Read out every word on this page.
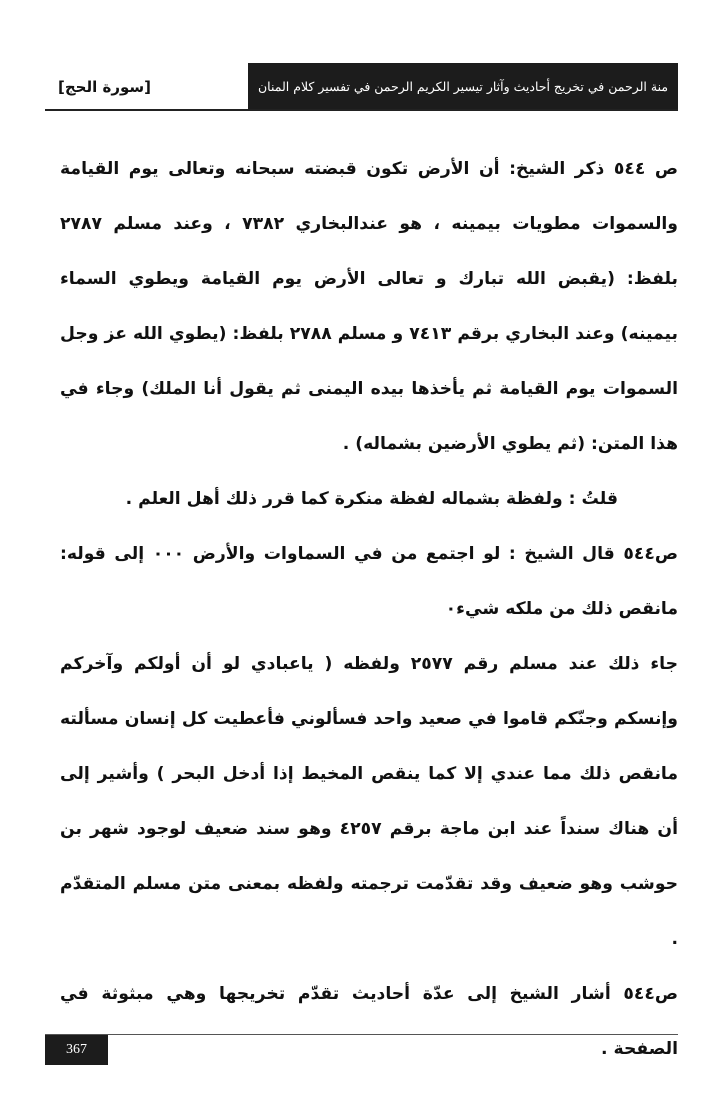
منة الرحمن في تخريج أحاديث وآثار تيسير الكريم الرحمن في تفسير كلام المنان
[سورة الحج]

ص ٥٤٤ ذكر الشيخ: أن الأرض تكون قبضته سبحانه وتعالى يوم القيامة والسموات مطويات بيمينه ، هو عندالبخاري ٧٣٨٢ ، وعند مسلم ٢٧٨٧ بلفظ: (يقبض الله تبارك و تعالى الأرض يوم القيامة ويطوي السماء بيمينه) وعند البخاري برقم ٧٤١٣ و مسلم ٢٧٨٨ بلفظ: (يطوي الله عز وجل السموات يوم القيامة ثم يأخذها بيده اليمنى ثم يقول أنا الملك) وجاء في هذا المتن: (ثم يطوي الأرضين بشماله) .

قلتُ : ولفظة بشماله لفظة منكرة كما قرر ذلك أهل العلم .

ص٥٤٤ قال الشيخ : لو اجتمع من في السماوات والأرض ٠٠٠ إلى قوله: مانقص ذلك من ملكه شيء٠

جاء ذلك عند مسلم رقم ٢٥٧٧ ولفظه ( ياعبادي لو أن أولكم وآخركم وإنسكم وجنّكم قاموا في صعيد واحد فسألوني فأعطيت كل إنسان مسألته مانقص ذلك مما عندي إلا كما ينقص المخيط إذا أدخل البحر ) وأشير إلى أن هناك سنداً عند ابن ماجة برقم ٤٢٥٧ وهو سند ضعيف لوجود شهر بن حوشب وهو ضعيف وقد تقدّمت ترجمته ولفظه بمعنى متن مسلم المتقدّم .

ص٥٤٤ أشار الشيخ إلى عدّة أحاديث تقدّم تخريجها وهي مبثوثة في الصفحة .

367
